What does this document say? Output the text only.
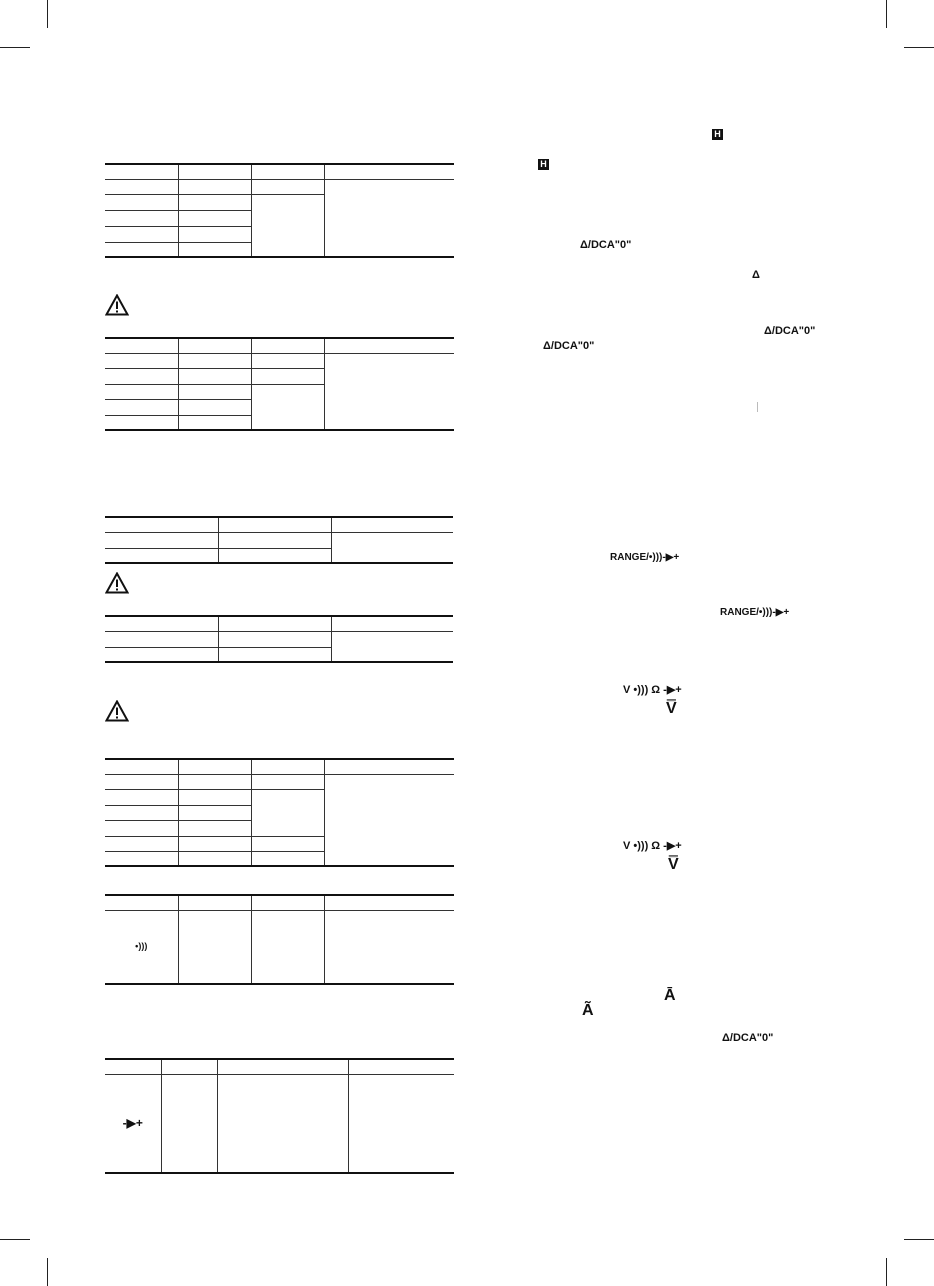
•)))			

-▶+			
H
H
Δ/DCA"0"
Δ
Δ/DCA"0"
Δ/DCA"0"
RANGE/•)))-▶+
RANGE/•)))-▶+
V •))) Ω -▶+
V̿
V •))) Ω -▶+
V̿
Ā
Ã
Δ/DCA"0"
